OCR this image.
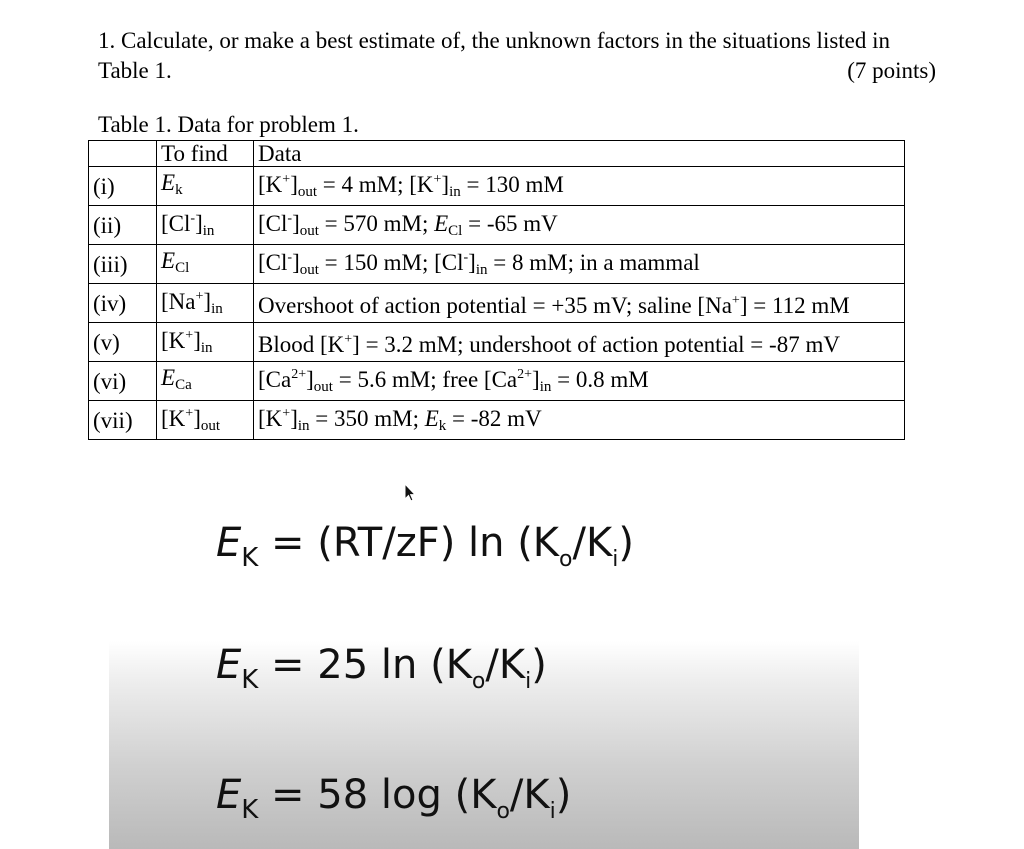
1. Calculate, or make a best estimate of, the unknown factors in the situations listed in
Table 1.	(7 points)
Table 1. Data for problem 1.
	To find	Data
(i)	$E_k$	$[K^+]_{out} = 4$ mM; $[K^+]_{in} = 130$ mM
(ii)	$[Cl^-]_{in}$	$[Cl^-]_{out} = 570$ mM; $E_{Cl} = -65$ mV
(iii)	$E_{Cl}$	$[Cl^-]_{out} = 150$ mM; $[Cl^-]_{in} = 8$ mM; in a mammal
(iv)	$[Na^+]_{in}$	Overshoot of action potential = +35 mV; saline [Na+] = 112 mM
(v)	$[K^+]_{in}$	Blood [K+] = 3.2 mM; undershoot of action potential = -87 mV
(vi)	$E_{Ca}$	$[Ca^{2+}]_{out} = 5.6$ mM; free $[Ca^{2+}]_{in} = 0.8$ mM
(vii)	$[K^+]_{out}$	$[K^+]_{in} = 350$ mM; $E_k = -82$ mV
$E_K = (RT/zF)$ $\ln (K_o/K_i)$
$E_K = 25$ $\ln (K_o/K_i)$
$E_K = 58$ $\log (K_o/K_i)$
